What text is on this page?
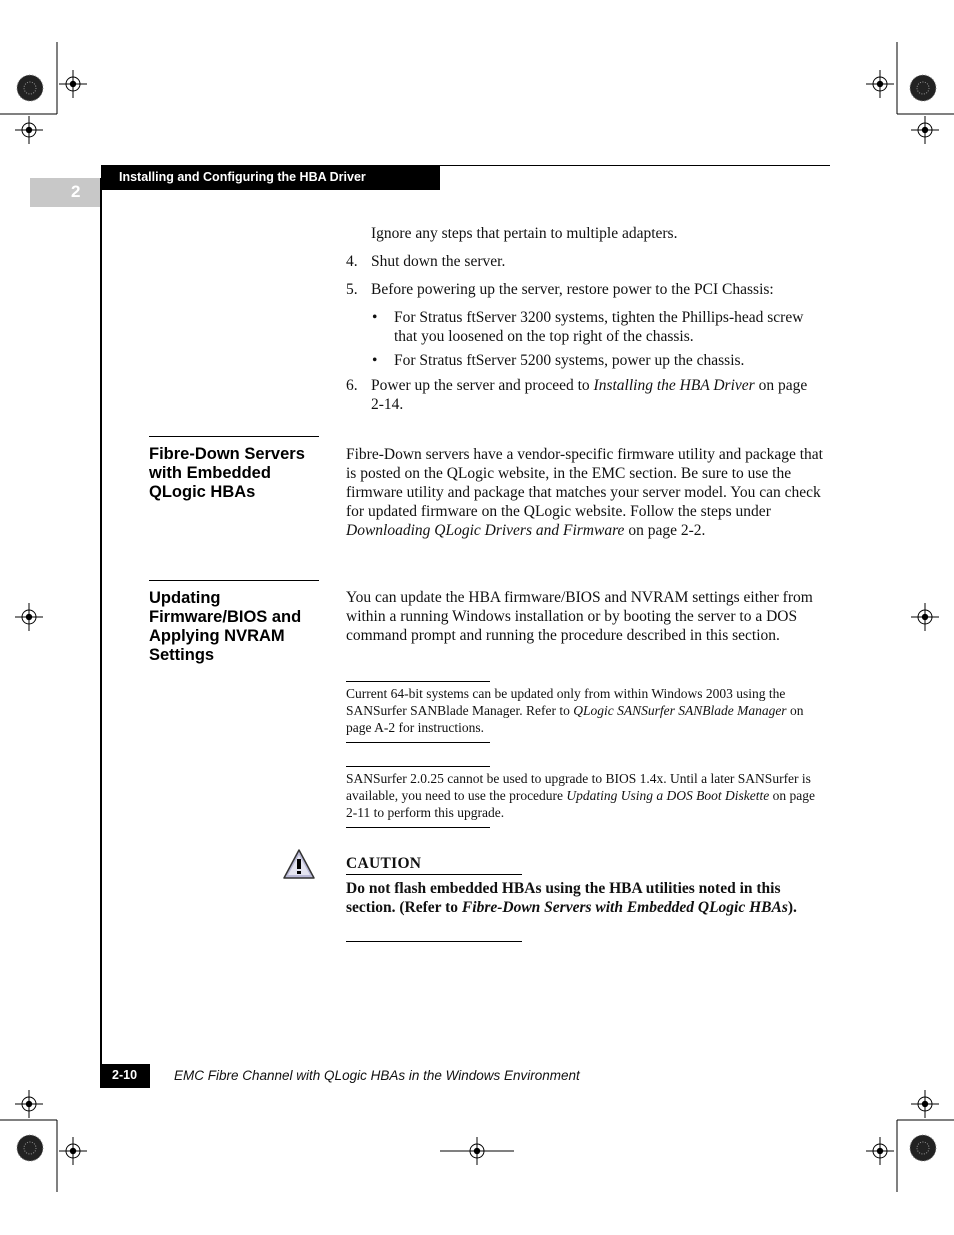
Installing and Configuring the HBA Driver
2
Ignore any steps that pertain to multiple adapters.
4. Shut down the server.
5. Before powering up the server, restore power to the PCI Chassis:
• For Stratus ftServer 3200 systems, tighten the Phillips-head screw that you loosened on the top right of the chassis.
• For Stratus ftServer 5200 systems, power up the chassis.
6. Power up the server and proceed to Installing the HBA Driver on page 2-14.
Fibre-Down Servers with Embedded QLogic HBAs
Fibre-Down servers have a vendor-specific firmware utility and package that is posted on the QLogic website, in the EMC section. Be sure to use the firmware utility and package that matches your server model. You can check for updated firmware on the QLogic website. Follow the steps under Downloading QLogic Drivers and Firmware on page 2-2.
Updating Firmware/BIOS and Applying NVRAM Settings
You can update the HBA firmware/BIOS and NVRAM settings either from within a running Windows installation or by booting the server to a DOS command prompt and running the procedure described in this section.
Current 64-bit systems can be updated only from within Windows 2003 using the SANSurfer SANBlade Manager. Refer to QLogic SANSurfer SANBlade Manager on page A-2 for instructions.
SANSurfer 2.0.25 cannot be used to upgrade to BIOS 1.4x. Until a later SANSurfer is available, you need to use the procedure Updating Using a DOS Boot Diskette on page 2-11 to perform this upgrade.
CAUTION
Do not flash embedded HBAs using the HBA utilities noted in this section. (Refer to Fibre-Down Servers with Embedded QLogic HBAs).
2-10	EMC Fibre Channel with QLogic HBAs in the Windows Environment
